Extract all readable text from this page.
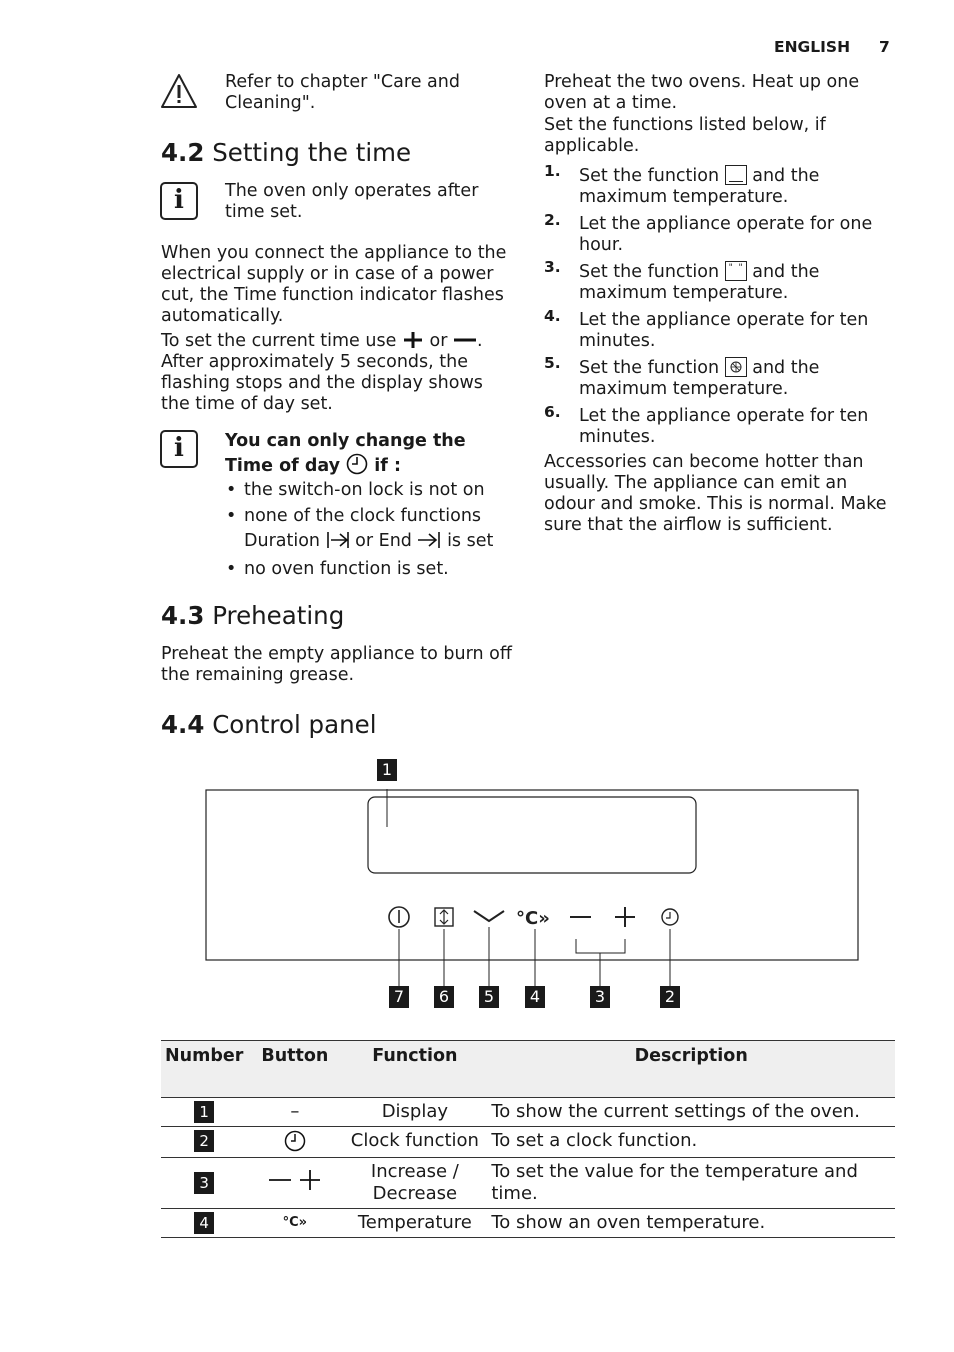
ENGLISH 7
Refer to chapter "Care and Cleaning".
4.2 Setting the time
i	The oven only operates after time set.
When you connect the appliance to the electrical supply or in case of a power cut, the Time function indicator flashes automatically.
To set the current time use or . After approximately 5 seconds, the flashing stops and the display shows the time of day set.
i	You can only change the Time of day if :
• the switch-on lock is not on
• none of the clock functions Duration or End is set
• no oven function is set.
4.3 Preheating
Preheat the empty appliance to burn off the remaining grease.
Preheat the two ovens. Heat up one oven at a time.
Set the functions listed below, if applicable.
1. Set the function and the maximum temperature.
2. Let the appliance operate for one hour.
3. Set the function " " and the maximum temperature.
4. Let the appliance operate for ten minutes.
5. Set the function and the maximum temperature.
6. Let the appliance operate for ten minutes.
Accessories can become hotter than usually. The appliance can emit an odour and smoke. This is normal. Make sure that the airflow is sufficient.
4.4 Control panel
°C»
1
7	6	5	4	3	2
Number	Button	Function	Description
1	–	Display	To show the current settings of the oven.
2		Clock function	To set a clock function.
3		Increase / Decrease	To set the value for the temperature and time.
4	°C»	Temperature	To show an oven temperature.
